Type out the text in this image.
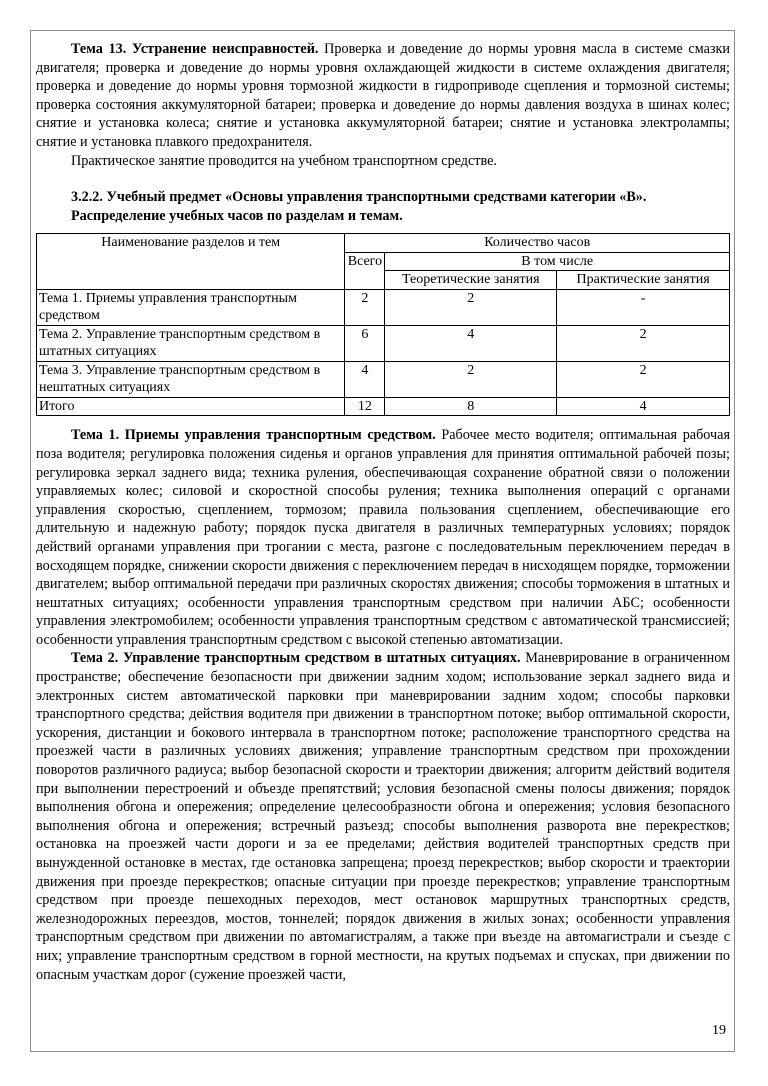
Тема 13. Устранение неисправностей. Проверка и доведение до нормы уровня масла в системе смазки двигателя; проверка и доведение до нормы уровня охлаждающей жидкости в системе охлаждения двигателя; проверка и доведение до нормы уровня тормозной жидкости в гидроприводе сцепления и тормозной системы; проверка состояния аккумуляторной батареи; проверка и доведение до нормы давления воздуха в шинах колес; снятие и установка колеса; снятие и установка аккумуляторной батареи; снятие и установка электролампы; снятие и установка плавкого предохранителя.

Практическое занятие проводится на учебном транспортном средстве.

3.2.2. Учебный предмет «Основы управления транспортными средствами категории «В».
Распределение учебных часов по разделам и темам.
Наименование разделов и тем	Количество часов		
	Всего	В том числе	
		Теоретические занятия	Практические занятия
Тема 1. Приемы управления транспортным средством	2	2	-
Тема 2. Управление транспортным средством в штатных ситуациях	6	4	2
Тема 3. Управление транспортным средством в нештатных ситуациях	4	2	2
Итого	12	8	4

Тема 1. Приемы управления транспортным средством. Рабочее место водителя; оптимальная рабочая поза водителя; регулировка положения сиденья и органов управления для принятия оптимальной рабочей позы; регулировка зеркал заднего вида; техника руления, обеспечивающая сохранение обратной связи о положении управляемых колес; силовой и скоростной способы руления; техника выполнения операций с органами управления скоростью, сцеплением, тормозом; правила пользования сцеплением, обеспечивающие его длительную и надежную работу; порядок пуска двигателя в различных температурных условиях; порядок действий органами управления при трогании с места, разгоне с последовательным переключением передач в восходящем порядке, снижении скорости движения с переключением передач в нисходящем порядке, торможении двигателем; выбор оптимальной передачи при различных скоростях движения; способы торможения в штатных и нештатных ситуациях; особенности управления транспортным средством при наличии АБС; особенности управления электромобилем; особенности управления транспортным средством с автоматической трансмиссией; особенности управления транспортным средством с высокой степенью автоматизации.

Тема 2. Управление транспортным средством в штатных ситуациях. Маневрирование в ограниченном пространстве; обеспечение безопасности при движении задним ходом; использование зеркал заднего вида и электронных систем автоматической парковки при маневрировании задним ходом; способы парковки транспортного средства; действия водителя при движении в транспортном потоке; выбор оптимальной скорости, ускорения, дистанции и бокового интервала в транспортном потоке; расположение транспортного средства на проезжей части в различных условиях движения; управление транспортным средством при прохождении поворотов различного радиуса; выбор безопасной скорости и траектории движения; алгоритм действий водителя при выполнении перестроений и объезде препятствий; условия безопасной смены полосы движения; порядок выполнения обгона и опережения; определение целесообразности обгона и опережения; условия безопасного выполнения обгона и опережения; встречный разъезд; способы выполнения разворота вне перекрестков; остановка на проезжей части дороги и за ее пределами; действия водителей транспортных средств при вынужденной остановке в местах, где остановка запрещена; проезд перекрестков; выбор скорости и траектории движения при проезде перекрестков; опасные ситуации при проезде перекрестков; управление транспортным средством при проезде пешеходных переходов, мест остановок маршрутных транспортных средств, железнодорожных переездов, мостов, тоннелей; порядок движения в жилых зонах; особенности управления транспортным средством при движении по автомагистралям, а также при въезде на автомагистрали и съезде с них; управление транспортным средством в горной местности, на крутых подъемах и спусках, при движении по опасным участкам дорог (сужение проезжей части,

19
